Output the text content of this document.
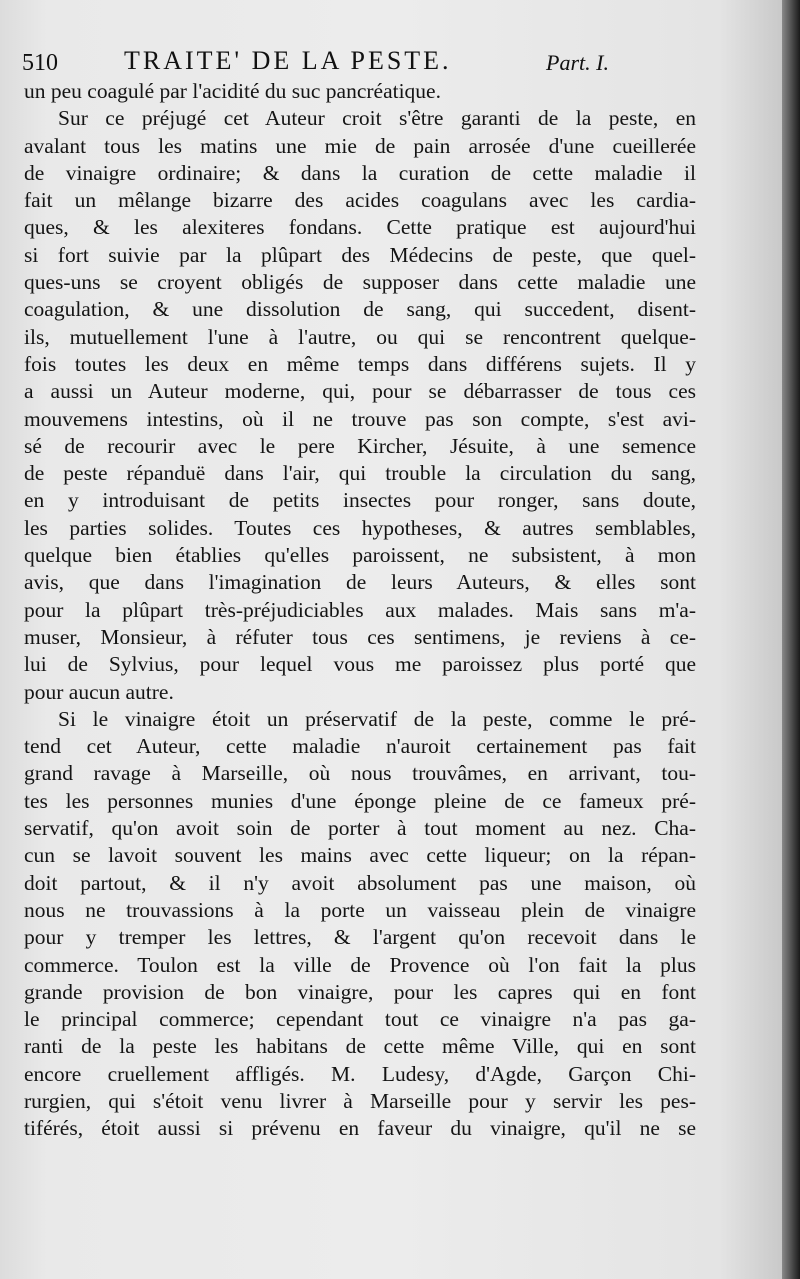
510	TRAITE' DE LA PESTE.	Part. I.
un peu coagulé par l'acidité du suc pancréatique.
Sur ce préjugé cet Auteur croit s'être garanti de la peste, en
avalant tous les matins une mie de pain arrosée d'une cueillerée
de vinaigre ordinaire; & dans la curation de cette maladie il
fait un mêlange bizarre des acides coagulans avec les cardia-
ques, & les alexiteres fondans. Cette pratique est aujourd'hui
si fort suivie par la plûpart des Médecins de peste, que quel-
ques-uns se croyent obligés de supposer dans cette maladie une
coagulation, & une dissolution de sang, qui succedent, disent-
ils, mutuellement l'une à l'autre, ou qui se rencontrent quelque-
fois toutes les deux en même temps dans différens sujets. Il y
a aussi un Auteur moderne, qui, pour se débarrasser de tous ces
mouvemens intestins, où il ne trouve pas son compte, s'est avi-
sé de recourir avec le pere Kircher, Jésuite, à une semence
de peste répanduë dans l'air, qui trouble la circulation du sang,
en y introduisant de petits insectes pour ronger, sans doute,
les parties solides. Toutes ces hypotheses, & autres semblables,
quelque bien établies qu'elles paroissent, ne subsistent, à mon
avis, que dans l'imagination de leurs Auteurs, & elles sont
pour la plûpart très-préjudiciables aux malades. Mais sans m'a-
muser, Monsieur, à réfuter tous ces sentimens, je reviens à ce-
lui de Sylvius, pour lequel vous me paroissez plus porté que
pour aucun autre.
Si le vinaigre étoit un préservatif de la peste, comme le pré-
tend cet Auteur, cette maladie n'auroit certainement pas fait
grand ravage à Marseille, où nous trouvâmes, en arrivant, tou-
tes les personnes munies d'une éponge pleine de ce fameux pré-
servatif, qu'on avoit soin de porter à tout moment au nez. Cha-
cun se lavoit souvent les mains avec cette liqueur; on la répan-
doit partout, & il n'y avoit absolument pas une maison, où
nous ne trouvassions à la porte un vaisseau plein de vinaigre
pour y tremper les lettres, & l'argent qu'on recevoit dans le
commerce. Toulon est la ville de Provence où l'on fait la plus
grande provision de bon vinaigre, pour les capres qui en font
le principal commerce; cependant tout ce vinaigre n'a pas ga-
ranti de la peste les habitans de cette même Ville, qui en sont
encore cruellement affligés. M. Ludesy, d'Agde, Garçon Chi-
rurgien, qui s'étoit venu livrer à Marseille pour y servir les pes-
tiférés, étoit aussi si prévenu en faveur du vinaigre, qu'il ne se
